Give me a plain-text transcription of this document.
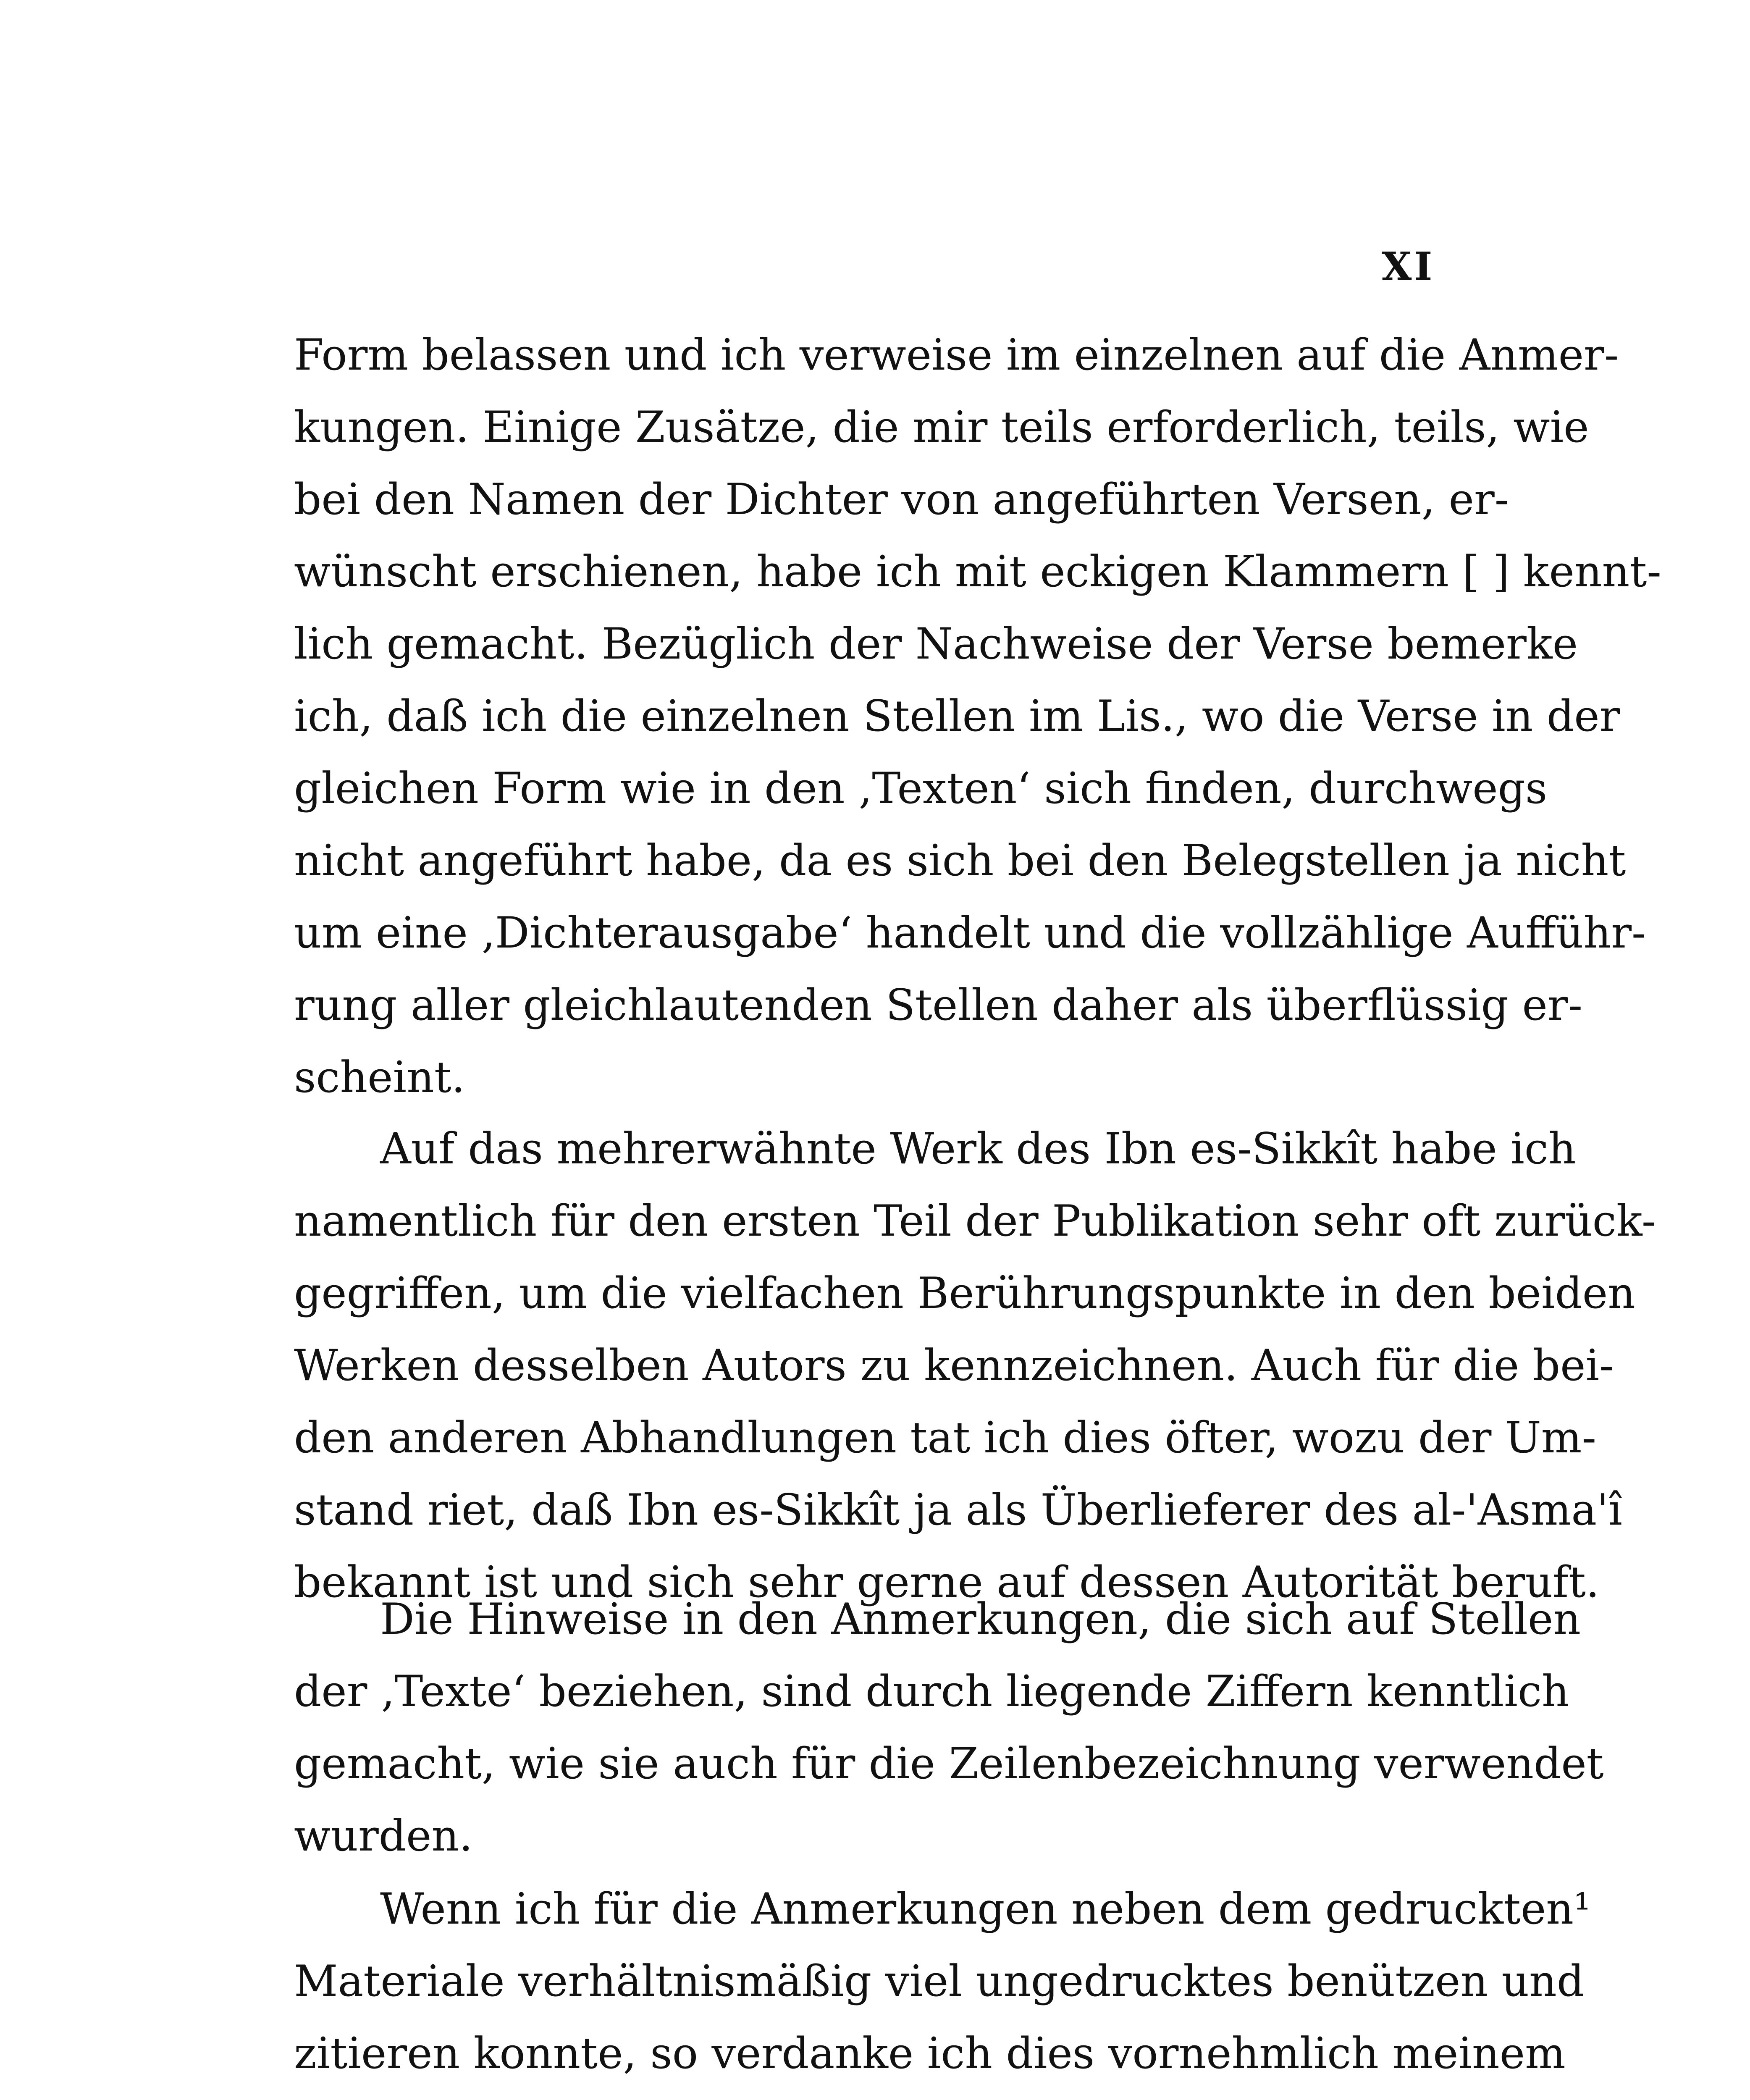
XI
Form belassen und ich verweise im einzelnen auf die Anmer-
kungen. Einige Zusätze, die mir teils erforderlich, teils, wie
bei den Namen der Dichter von angeführten Versen, er-
wünscht erschienen, habe ich mit eckigen Klammern [ ] kennt-
lich gemacht. Bezüglich der Nachweise der Verse bemerke
ich, daß ich die einzelnen Stellen im Lis., wo die Verse in der
gleichen Form wie in den ‚Texten‘ sich finden, durchwegs
nicht angeführt habe, da es sich bei den Belegstellen ja nicht
um eine ‚Dichterausgabe‘ handelt und die vollzählige Aufführ-
rung aller gleichlautenden Stellen daher als überflüssig er-
scheint.
Auf das mehrerwähnte Werk des Ibn es-Sikkît habe ich
namentlich für den ersten Teil der Publikation sehr oft zurück-
gegriffen, um die vielfachen Berührungspunkte in den beiden
Werken desselben Autors zu kennzeichnen. Auch für die bei-
den anderen Abhandlungen tat ich dies öfter, wozu der Um-
stand riet, daß Ibn es-Sikkît ja als Überlieferer des al-'Asma'î
bekannt ist und sich sehr gerne auf dessen Autorität beruft.
Die Hinweise in den Anmerkungen, die sich auf Stellen
der ‚Texte‘ beziehen, sind durch liegende Ziffern kenntlich
gemacht, wie sie auch für die Zeilenbezeichnung verwendet
wurden.
Wenn ich für die Anmerkungen neben dem gedruckten¹
Materiale verhältnismäßig viel ungedrucktes benützen und
zitieren konnte, so verdanke ich dies vornehmlich meinem
